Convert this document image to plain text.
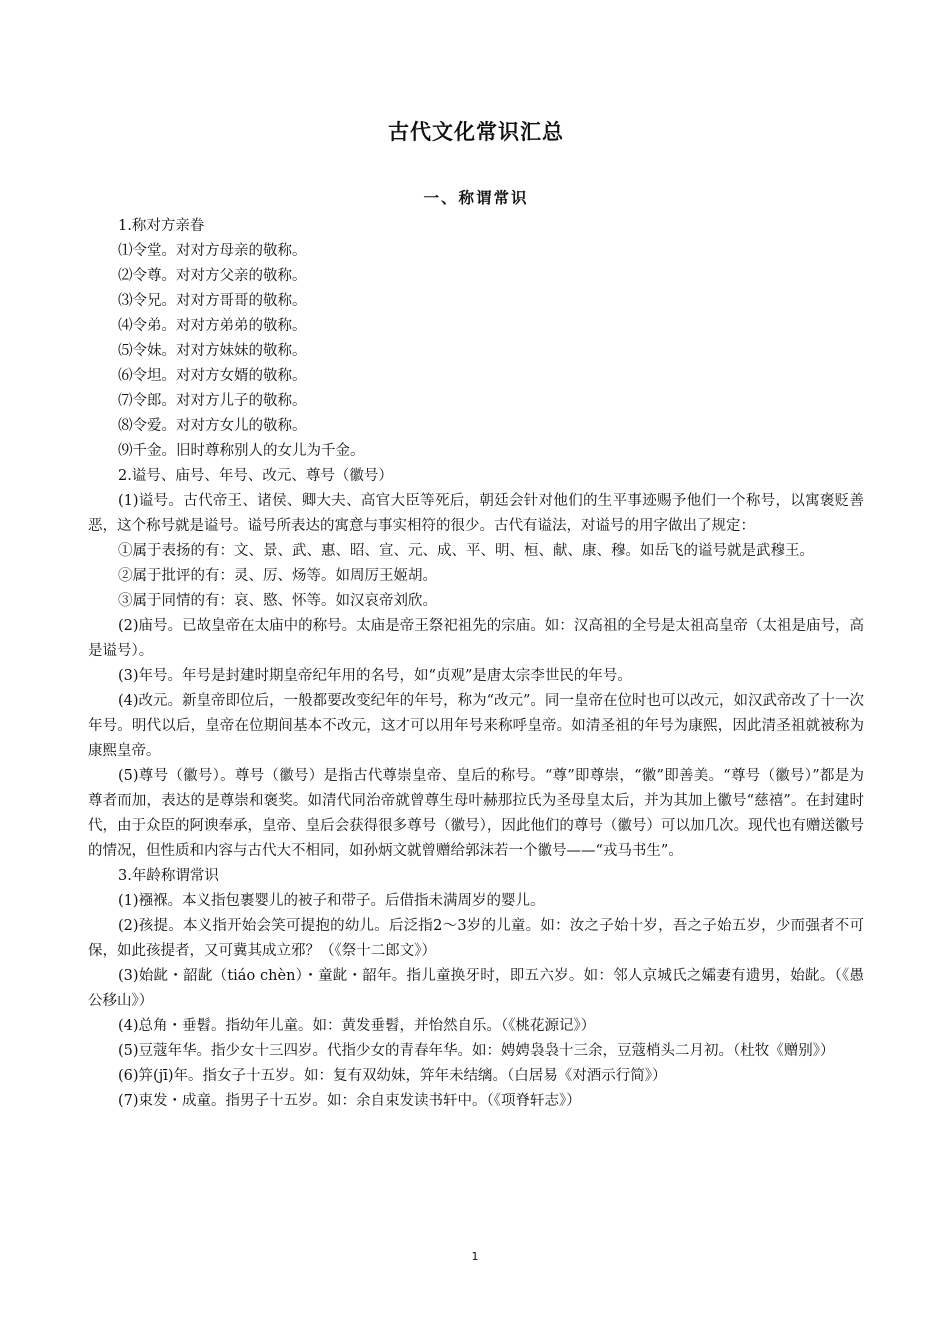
古代文化常识汇总
一、称谓常识

1.称对方亲眷

⑴令堂。对对方母亲的敬称。

⑵令尊。对对方父亲的敬称。

⑶令兄。对对方哥哥的敬称。

⑷令弟。对对方弟弟的敬称。

⑸令妹。对对方妹妹的敬称。

⑹令坦。对对方女婿的敬称。

⑺令郎。对对方儿子的敬称。

⑻令爱。对对方女儿的敬称。

⑼千金。旧时尊称别人的女儿为千金。

2.谥号、庙号、年号、改元、尊号（徽号）

(1)谥号。古代帝王、诸侯、卿大夫、高官大臣等死后，朝廷会针对他们的生平事迹赐予他们一个称号，以寓褒贬善恶，这个称号就是谥号。谥号所表达的寓意与事实相符的很少。古代有谥法，对谥号的用字做出了规定：

①属于表扬的有：文、景、武、惠、昭、宣、元、成、平、明、桓、献、康、穆。如岳飞的谥号就是武穆王。

②属于批评的有：灵、厉、炀等。如周厉王姬胡。

③属于同情的有：哀、愍、怀等。如汉哀帝刘欣。

(2)庙号。已故皇帝在太庙中的称号。太庙是帝王祭祀祖先的宗庙。如：汉高祖的全号是太祖高皇帝（太祖是庙号，高是谥号）。

(3)年号。年号是封建时期皇帝纪年用的名号，如“贞观”是唐太宗李世民的年号。

(4)改元。新皇帝即位后，一般都要改变纪年的年号，称为“改元”。同一皇帝在位时也可以改元，如汉武帝改了十一次年号。明代以后，皇帝在位期间基本不改元，这才可以用年号来称呼皇帝。如清圣祖的年号为康熙，因此清圣祖就被称为康熙皇帝。

(5)尊号（徽号）。尊号（徽号）是指古代尊崇皇帝、皇后的称号。“尊”即尊崇，“徽”即善美。“尊号（徽号）”都是为尊者而加，表达的是尊崇和褒奖。如清代同治帝就曾尊生母叶赫那拉氏为圣母皇太后，并为其加上徽号“慈禧”。在封建时代，由于众臣的阿谀奉承，皇帝、皇后会获得很多尊号（徽号），因此他们的尊号（徽号）可以加几次。现代也有赠送徽号的情况，但性质和内容与古代大不相同，如孙炳文就曾赠给郭沫若一个徽号——“戎马书生”。

3.年龄称谓常识

(1)襁褓。本义指包裹婴儿的被子和带子。后借指未满周岁的婴儿。

(2)孩提。本义指开始会笑可提抱的幼儿。后泛指2～3岁的儿童。如：汝之子始十岁，吾之子始五岁，少而强者不可保，如此孩提者，又可冀其成立邪？（《祭十二郎文》）

(3)始龀・韶龀（tiáo chèn）・童龀・韶年。指儿童换牙时，即五六岁。如：邻人京城氏之孀妻有遗男，始龀。（《愚公移山》）

(4)总角・垂髫。指幼年儿童。如：黄发垂髫，并怡然自乐。（《桃花源记》）

(5)豆蔻年华。指少女十三四岁。代指少女的青春年华。如：娉娉袅袅十三余，豆蔻梢头二月初。（杜牧《赠别》）

(6)笄(jī)年。指女子十五岁。如：复有双幼妹，笄年未结缡。（白居易《对酒示行简》）

(7)束发・成童。指男子十五岁。如：余自束发读书轩中。（《项脊轩志》）

1
